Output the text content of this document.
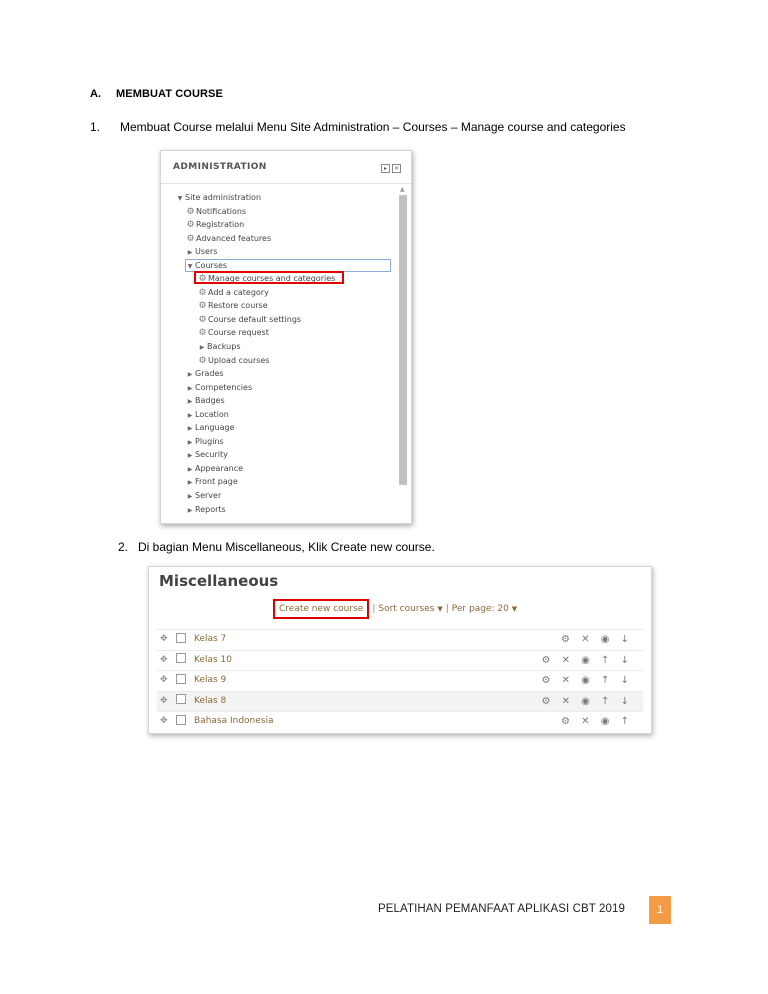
A. MEMBUAT COURSE
1. Membuat Course melalui Menu Site Administration – Courses – Manage course and categories
ADMINISTRATION	▸	×
▼ Site administration
⚙Notifications
⚙Registration
⚙Advanced features
▶ Users
▼ Courses
⚙Manage courses and categories
⚙Add a category
⚙Restore course
⚙Course default settings
⚙Course request
▶ Backups
⚙Upload courses
▶ Grades
▶ Competencies
▶ Badges
▶ Location
▶ Language
▶ Plugins
▶ Security
▶ Appearance
▶ Front page
▶ Server
▶ Reports
▲
2. Di bagian Menu Miscellaneous, Klik Create new course.
Miscellaneous
Create new course | Sort courses ▼ | Per page: 20 ▼
✥	Kelas 7	⚙ ✕ ◉ ↓
✥	Kelas 10	⚙ ✕ ◉ ↑ ↓
✥	Kelas 9	⚙ ✕ ◉ ↑ ↓
✥	Kelas 8	⚙ ✕ ◉ ↑ ↓
✥	Bahasa Indonesia	⚙ ✕ ◉ ↑
PELATIHAN PEMANFAAT APLIKASI CBT 2019	1
